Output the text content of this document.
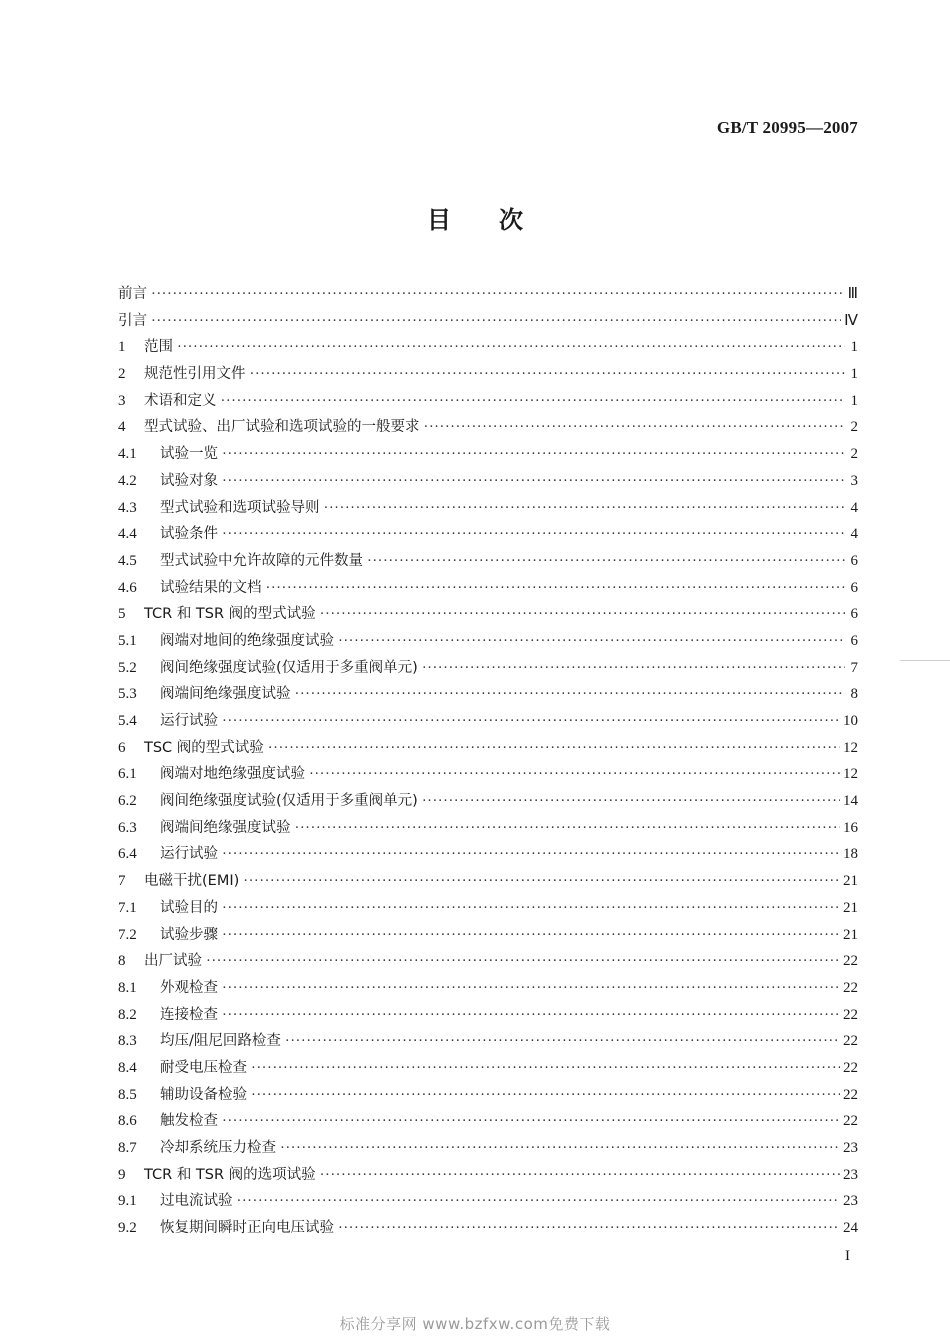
GB/T 20995—2007
目次
前言 ·····	Ⅲ
引言 ·····	Ⅳ
1	范围 ·····	1
2	规范性引用文件 ·····	1
3	术语和定义 ·····	1
4	型式试验、出厂试验和选项试验的一般要求 ·····	2
4.1	试验一览 ·····	2
4.2	试验对象 ·····	3
4.3	型式试验和选项试验导则 ·····	4
4.4	试验条件 ·····	4
4.5	型式试验中允许故障的元件数量 ·····	6
4.6	试验结果的文档 ·····	6
5	TCR 和 TSR 阀的型式试验 ·····	6
5.1	阀端对地间的绝缘强度试验 ·····	6
5.2	阀间绝缘强度试验(仅适用于多重阀单元) ·····	7
5.3	阀端间绝缘强度试验 ·····	8
5.4	运行试验 ·····	10
6	TSC 阀的型式试验 ·····	12
6.1	阀端对地绝缘强度试验 ·····	12
6.2	阀间绝缘强度试验(仅适用于多重阀单元) ·····	14
6.3	阀端间绝缘强度试验 ·····	16
6.4	运行试验 ·····	18
7	电磁干扰(EMI) ·····	21
7.1	试验目的 ·····	21
7.2	试验步骤 ·····	21
8	出厂试验 ·····	22
8.1	外观检查 ·····	22
8.2	连接检查 ·····	22
8.3	均压/阻尼回路检查 ·····	22
8.4	耐受电压检查 ·····	22
8.5	辅助设备检验 ·····	22
8.6	触发检查 ·····	22
8.7	冷却系统压力检查 ·····	23
9	TCR 和 TSR 阀的选项试验 ·····	23
9.1	过电流试验 ·····	23
9.2	恢复期间瞬时正向电压试验 ·····	24
I
标准分享网 www.bzfxw.com免费下载
